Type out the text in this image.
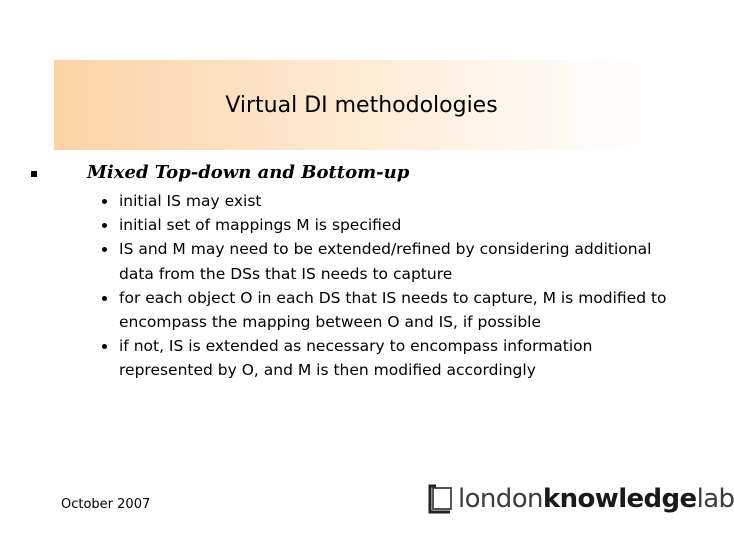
Virtual DI methodologies

Mixed Top-down and Bottom-up

initial IS may exist
initial set of mappings M is specified
IS and M may need to be extended/refined by considering additional data from the DSs that IS needs to capture
for each object O in each DS that IS needs to capture, M is modified to encompass the mapping between O and IS, if possible
if not, IS is extended as necessary to encompass information represented by O, and M is then modified accordingly

October 2007	londonknowledgelab
